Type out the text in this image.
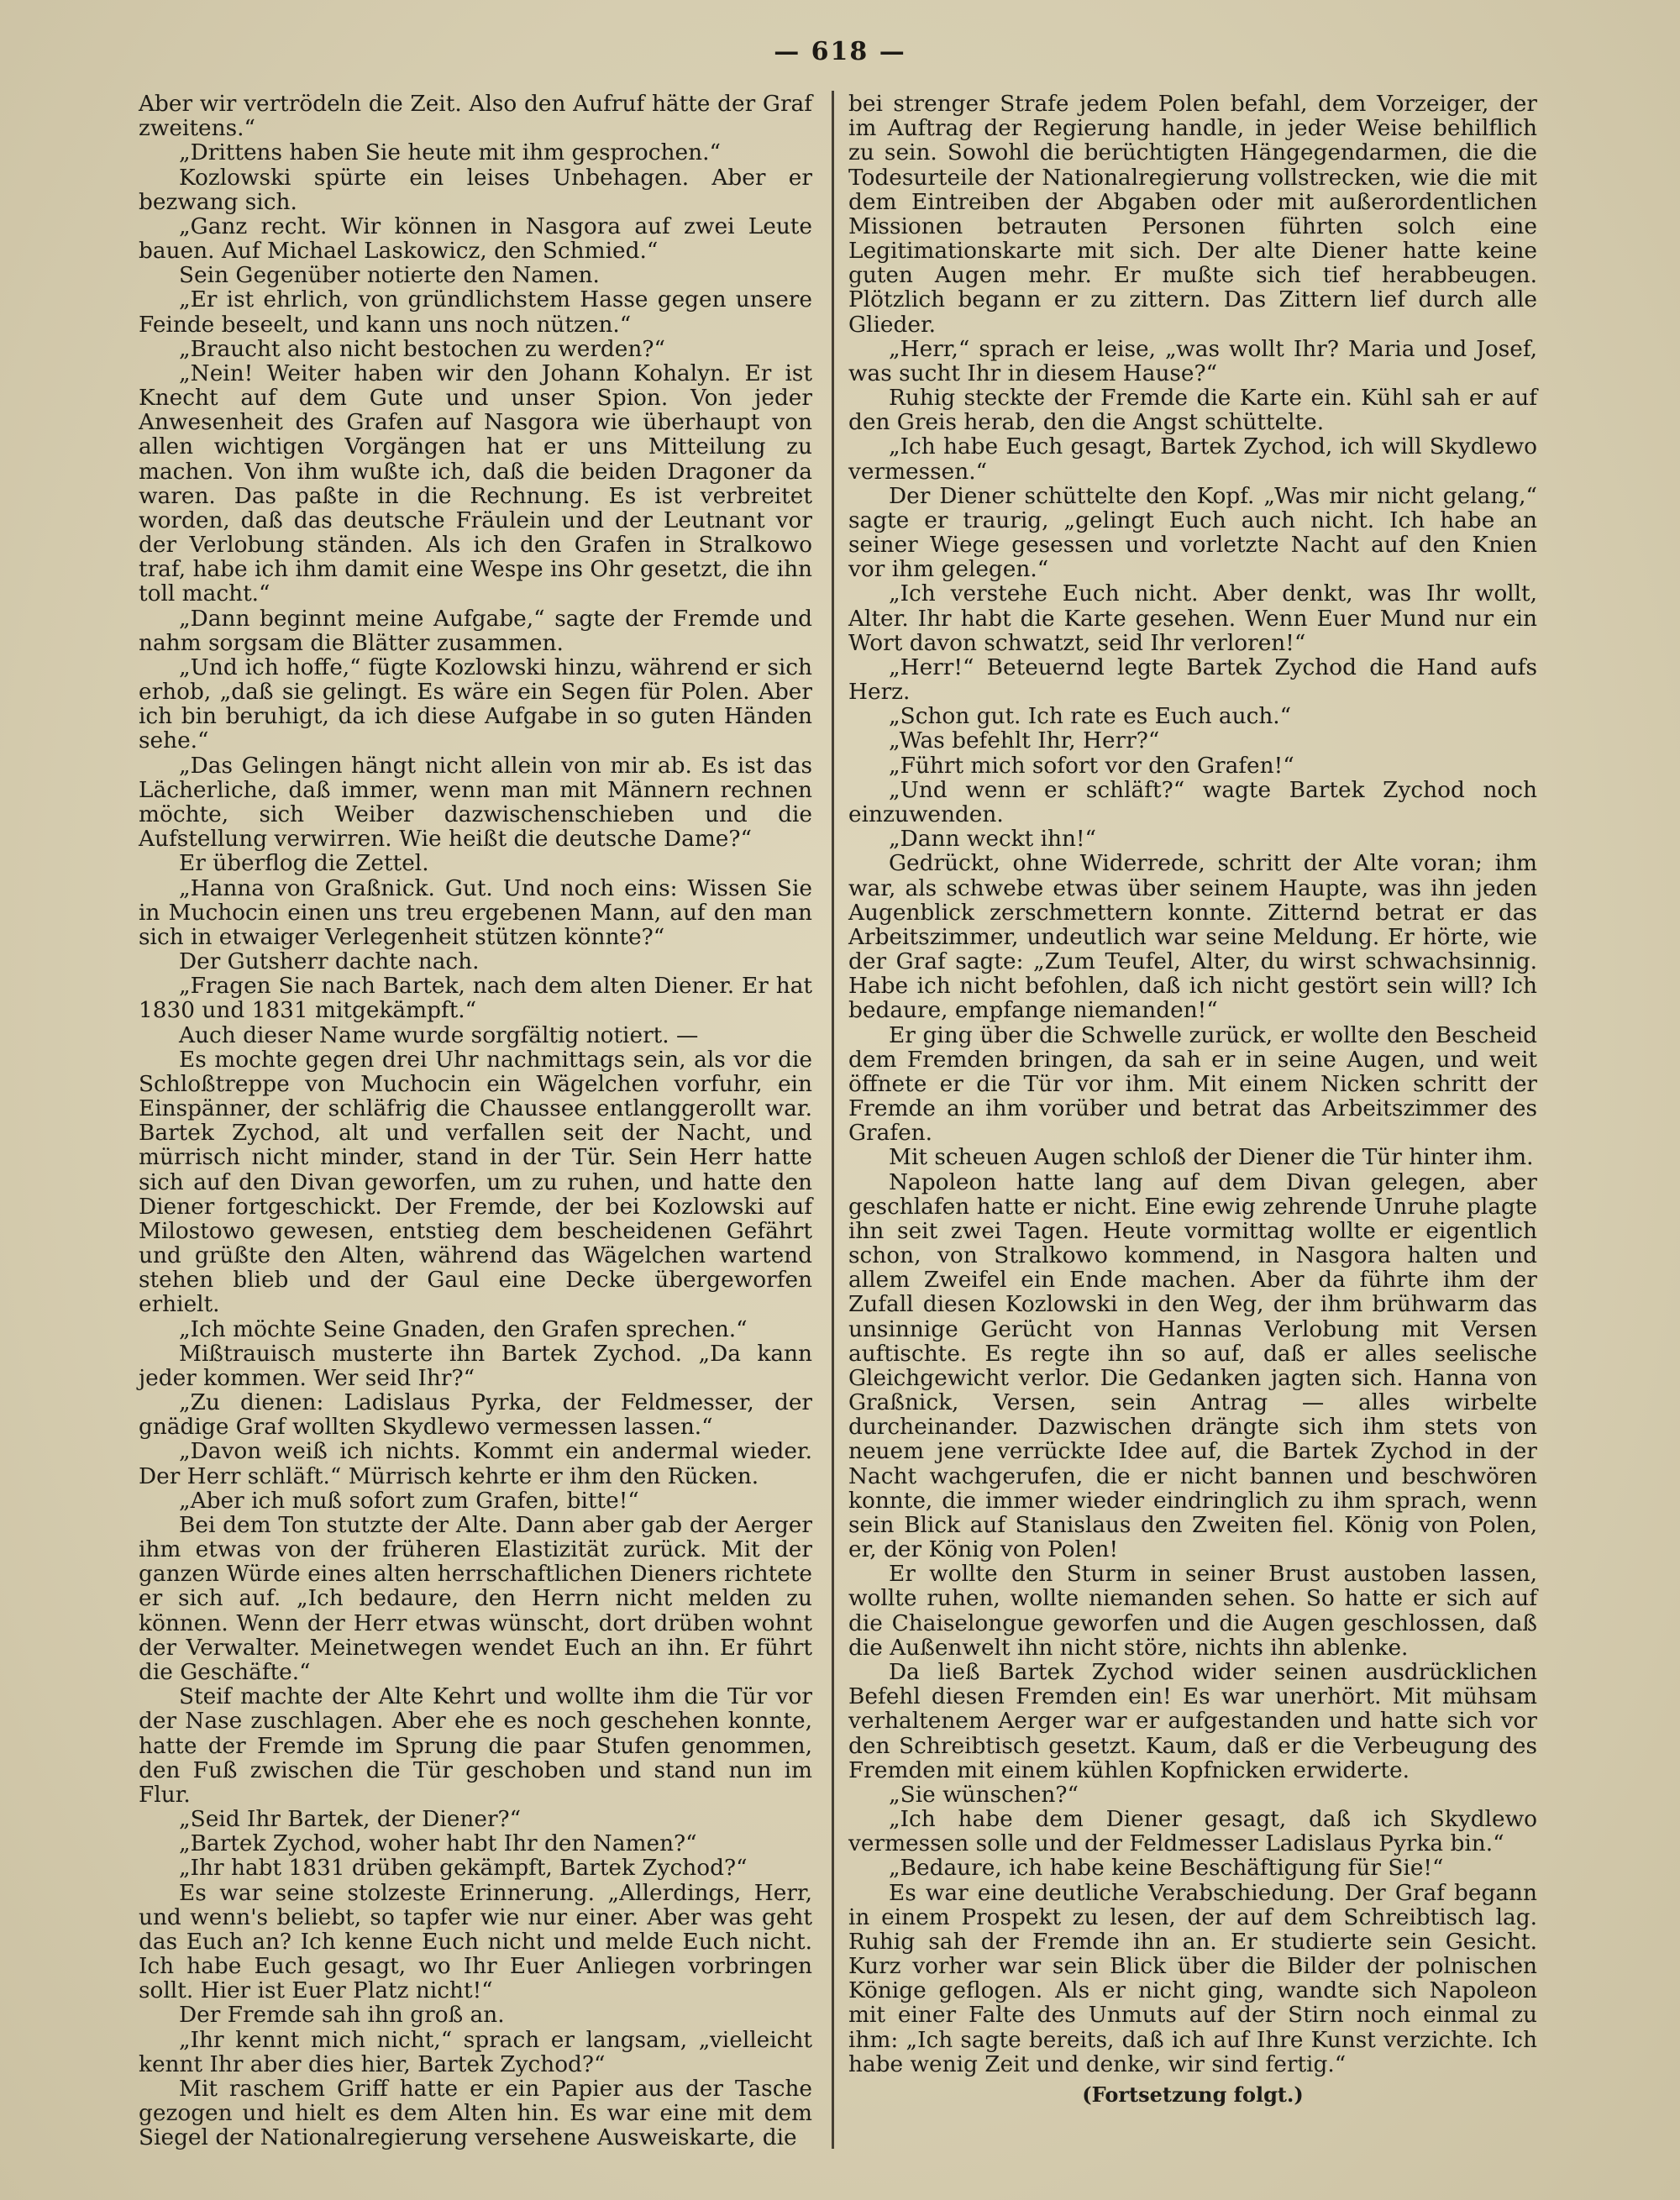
— 618 —

Aber wir vertrödeln die Zeit. Also den Aufruf hätte der Graf zweitens.“

„Drittens haben Sie heute mit ihm gesprochen.“

Kozlowski spürte ein leises Unbehagen. Aber er bezwang sich.

„Ganz recht. Wir können in Nasgora auf zwei Leute bauen. Auf Michael Laskowicz, den Schmied.“

Sein Gegenüber notierte den Namen.

„Er ist ehrlich, von gründlichstem Hasse gegen unsere Feinde beseelt, und kann uns noch nützen.“

„Braucht also nicht bestochen zu werden?“

„Nein! Weiter haben wir den Johann Kohalyn. Er ist Knecht auf dem Gute und unser Spion. Von jeder Anwesenheit des Grafen auf Nasgora wie überhaupt von allen wichtigen Vorgängen hat er uns Mitteilung zu machen. Von ihm wußte ich, daß die beiden Dragoner da waren. Das paßte in die Rechnung. Es ist verbreitet worden, daß das deutsche Fräulein und der Leutnant vor der Verlobung ständen. Als ich den Grafen in Stralkowo traf, habe ich ihm damit eine Wespe ins Ohr gesetzt, die ihn toll macht.“

„Dann beginnt meine Aufgabe,“ sagte der Fremde und nahm sorgsam die Blätter zusammen.

„Und ich hoffe,“ fügte Kozlowski hinzu, während er sich erhob, „daß sie gelingt. Es wäre ein Segen für Polen. Aber ich bin beruhigt, da ich diese Aufgabe in so guten Händen sehe.“

„Das Gelingen hängt nicht allein von mir ab. Es ist das Lächerliche, daß immer, wenn man mit Männern rechnen möchte, sich Weiber dazwischenschieben und die Aufstellung verwirren. Wie heißt die deutsche Dame?“

Er überflog die Zettel.

„Hanna von Graßnick. Gut. Und noch eins: Wissen Sie in Muchocin einen uns treu ergebenen Mann, auf den man sich in etwaiger Verlegenheit stützen könnte?“

Der Gutsherr dachte nach.

„Fragen Sie nach Bartek, nach dem alten Diener. Er hat 1830 und 1831 mitgekämpft.“

Auch dieser Name wurde sorgfältig notiert. —

Es mochte gegen drei Uhr nachmittags sein, als vor die Schloßtreppe von Muchocin ein Wägelchen vorfuhr, ein Einspänner, der schläfrig die Chaussee entlanggerollt war. Bartek Zychod, alt und verfallen seit der Nacht, und mürrisch nicht minder, stand in der Tür. Sein Herr hatte sich auf den Divan geworfen, um zu ruhen, und hatte den Diener fortgeschickt. Der Fremde, der bei Kozlowski auf Milostowo gewesen, entstieg dem bescheidenen Gefährt und grüßte den Alten, während das Wägelchen wartend stehen blieb und der Gaul eine Decke übergeworfen erhielt.

„Ich möchte Seine Gnaden, den Grafen sprechen.“

Mißtrauisch musterte ihn Bartek Zychod. „Da kann jeder kommen. Wer seid Ihr?“

„Zu dienen: Ladislaus Pyrka, der Feldmesser, der gnädige Graf wollten Skydlewo vermessen lassen.“

„Davon weiß ich nichts. Kommt ein andermal wieder. Der Herr schläft.“ Mürrisch kehrte er ihm den Rücken.

„Aber ich muß sofort zum Grafen, bitte!“

Bei dem Ton stutzte der Alte. Dann aber gab der Aerger ihm etwas von der früheren Elastizität zurück. Mit der ganzen Würde eines alten herrschaftlichen Dieners richtete er sich auf. „Ich bedaure, den Herrn nicht melden zu können. Wenn der Herr etwas wünscht, dort drüben wohnt der Verwalter. Meinetwegen wendet Euch an ihn. Er führt die Geschäfte.“

Steif machte der Alte Kehrt und wollte ihm die Tür vor der Nase zuschlagen. Aber ehe es noch geschehen konnte, hatte der Fremde im Sprung die paar Stufen genommen, den Fuß zwischen die Tür geschoben und stand nun im Flur.

„Seid Ihr Bartek, der Diener?“

„Bartek Zychod, woher habt Ihr den Namen?“

„Ihr habt 1831 drüben gekämpft, Bartek Zychod?“

Es war seine stolzeste Erinnerung. „Allerdings, Herr, und wenn's beliebt, so tapfer wie nur einer. Aber was geht das Euch an? Ich kenne Euch nicht und melde Euch nicht. Ich habe Euch gesagt, wo Ihr Euer Anliegen vorbringen sollt. Hier ist Euer Platz nicht!“

Der Fremde sah ihn groß an.

„Ihr kennt mich nicht,“ sprach er langsam, „vielleicht kennt Ihr aber dies hier, Bartek Zychod?“

Mit raschem Griff hatte er ein Papier aus der Tasche gezogen und hielt es dem Alten hin. Es war eine mit dem Siegel der Nationalregierung versehene Ausweiskarte, die

bei strenger Strafe jedem Polen befahl, dem Vorzeiger, der im Auftrag der Regierung handle, in jeder Weise behilflich zu sein. Sowohl die berüchtigten Hängegendarmen, die die Todesurteile der Nationalregierung vollstrecken, wie die mit dem Eintreiben der Abgaben oder mit außerordentlichen Missionen betrauten Personen führten solch eine Legitimationskarte mit sich. Der alte Diener hatte keine guten Augen mehr. Er mußte sich tief herabbeugen. Plötzlich begann er zu zittern. Das Zittern lief durch alle Glieder.

„Herr,“ sprach er leise, „was wollt Ihr? Maria und Josef, was sucht Ihr in diesem Hause?“

Ruhig steckte der Fremde die Karte ein. Kühl sah er auf den Greis herab, den die Angst schüttelte.

„Ich habe Euch gesagt, Bartek Zychod, ich will Skydlewo vermessen.“

Der Diener schüttelte den Kopf. „Was mir nicht gelang,“ sagte er traurig, „gelingt Euch auch nicht. Ich habe an seiner Wiege gesessen und vorletzte Nacht auf den Knien vor ihm gelegen.“

„Ich verstehe Euch nicht. Aber denkt, was Ihr wollt, Alter. Ihr habt die Karte gesehen. Wenn Euer Mund nur ein Wort davon schwatzt, seid Ihr verloren!“

„Herr!“ Beteuernd legte Bartek Zychod die Hand aufs Herz.

„Schon gut. Ich rate es Euch auch.“

„Was befehlt Ihr, Herr?“

„Führt mich sofort vor den Grafen!“

„Und wenn er schläft?“ wagte Bartek Zychod noch einzuwenden.

„Dann weckt ihn!“

Gedrückt, ohne Widerrede, schritt der Alte voran; ihm war, als schwebe etwas über seinem Haupte, was ihn jeden Augenblick zerschmettern konnte. Zitternd betrat er das Arbeitszimmer, undeutlich war seine Meldung. Er hörte, wie der Graf sagte: „Zum Teufel, Alter, du wirst schwachsinnig. Habe ich nicht befohlen, daß ich nicht gestört sein will? Ich bedaure, empfange niemanden!“

Er ging über die Schwelle zurück, er wollte den Bescheid dem Fremden bringen, da sah er in seine Augen, und weit öffnete er die Tür vor ihm. Mit einem Nicken schritt der Fremde an ihm vorüber und betrat das Arbeitszimmer des Grafen.

Mit scheuen Augen schloß der Diener die Tür hinter ihm.

Napoleon hatte lang auf dem Divan gelegen, aber geschlafen hatte er nicht. Eine ewig zehrende Unruhe plagte ihn seit zwei Tagen. Heute vormittag wollte er eigentlich schon, von Stralkowo kommend, in Nasgora halten und allem Zweifel ein Ende machen. Aber da führte ihm der Zufall diesen Kozlowski in den Weg, der ihm brühwarm das unsinnige Gerücht von Hannas Verlobung mit Versen auftischte. Es regte ihn so auf, daß er alles seelische Gleichgewicht verlor. Die Gedanken jagten sich. Hanna von Graßnick, Versen, sein Antrag — alles wirbelte durcheinander. Dazwischen drängte sich ihm stets von neuem jene verrückte Idee auf, die Bartek Zychod in der Nacht wachgerufen, die er nicht bannen und beschwören konnte, die immer wieder eindringlich zu ihm sprach, wenn sein Blick auf Stanislaus den Zweiten fiel. König von Polen, er, der König von Polen!

Er wollte den Sturm in seiner Brust austoben lassen, wollte ruhen, wollte niemanden sehen. So hatte er sich auf die Chaiselongue geworfen und die Augen geschlossen, daß die Außenwelt ihn nicht störe, nichts ihn ablenke.

Da ließ Bartek Zychod wider seinen ausdrücklichen Befehl diesen Fremden ein! Es war unerhört. Mit mühsam verhaltenem Aerger war er aufgestanden und hatte sich vor den Schreibtisch gesetzt. Kaum, daß er die Verbeugung des Fremden mit einem kühlen Kopfnicken erwiderte.

„Sie wünschen?“

„Ich habe dem Diener gesagt, daß ich Skydlewo vermessen solle und der Feldmesser Ladislaus Pyrka bin.“

„Bedaure, ich habe keine Beschäftigung für Sie!“

Es war eine deutliche Verabschiedung. Der Graf begann in einem Prospekt zu lesen, der auf dem Schreibtisch lag. Ruhig sah der Fremde ihn an. Er studierte sein Gesicht. Kurz vorher war sein Blick über die Bilder der polnischen Könige geflogen. Als er nicht ging, wandte sich Napoleon mit einer Falte des Unmuts auf der Stirn noch einmal zu ihm: „Ich sagte bereits, daß ich auf Ihre Kunst verzichte. Ich habe wenig Zeit und denke, wir sind fertig.“

(Fortsetzung folgt.)
